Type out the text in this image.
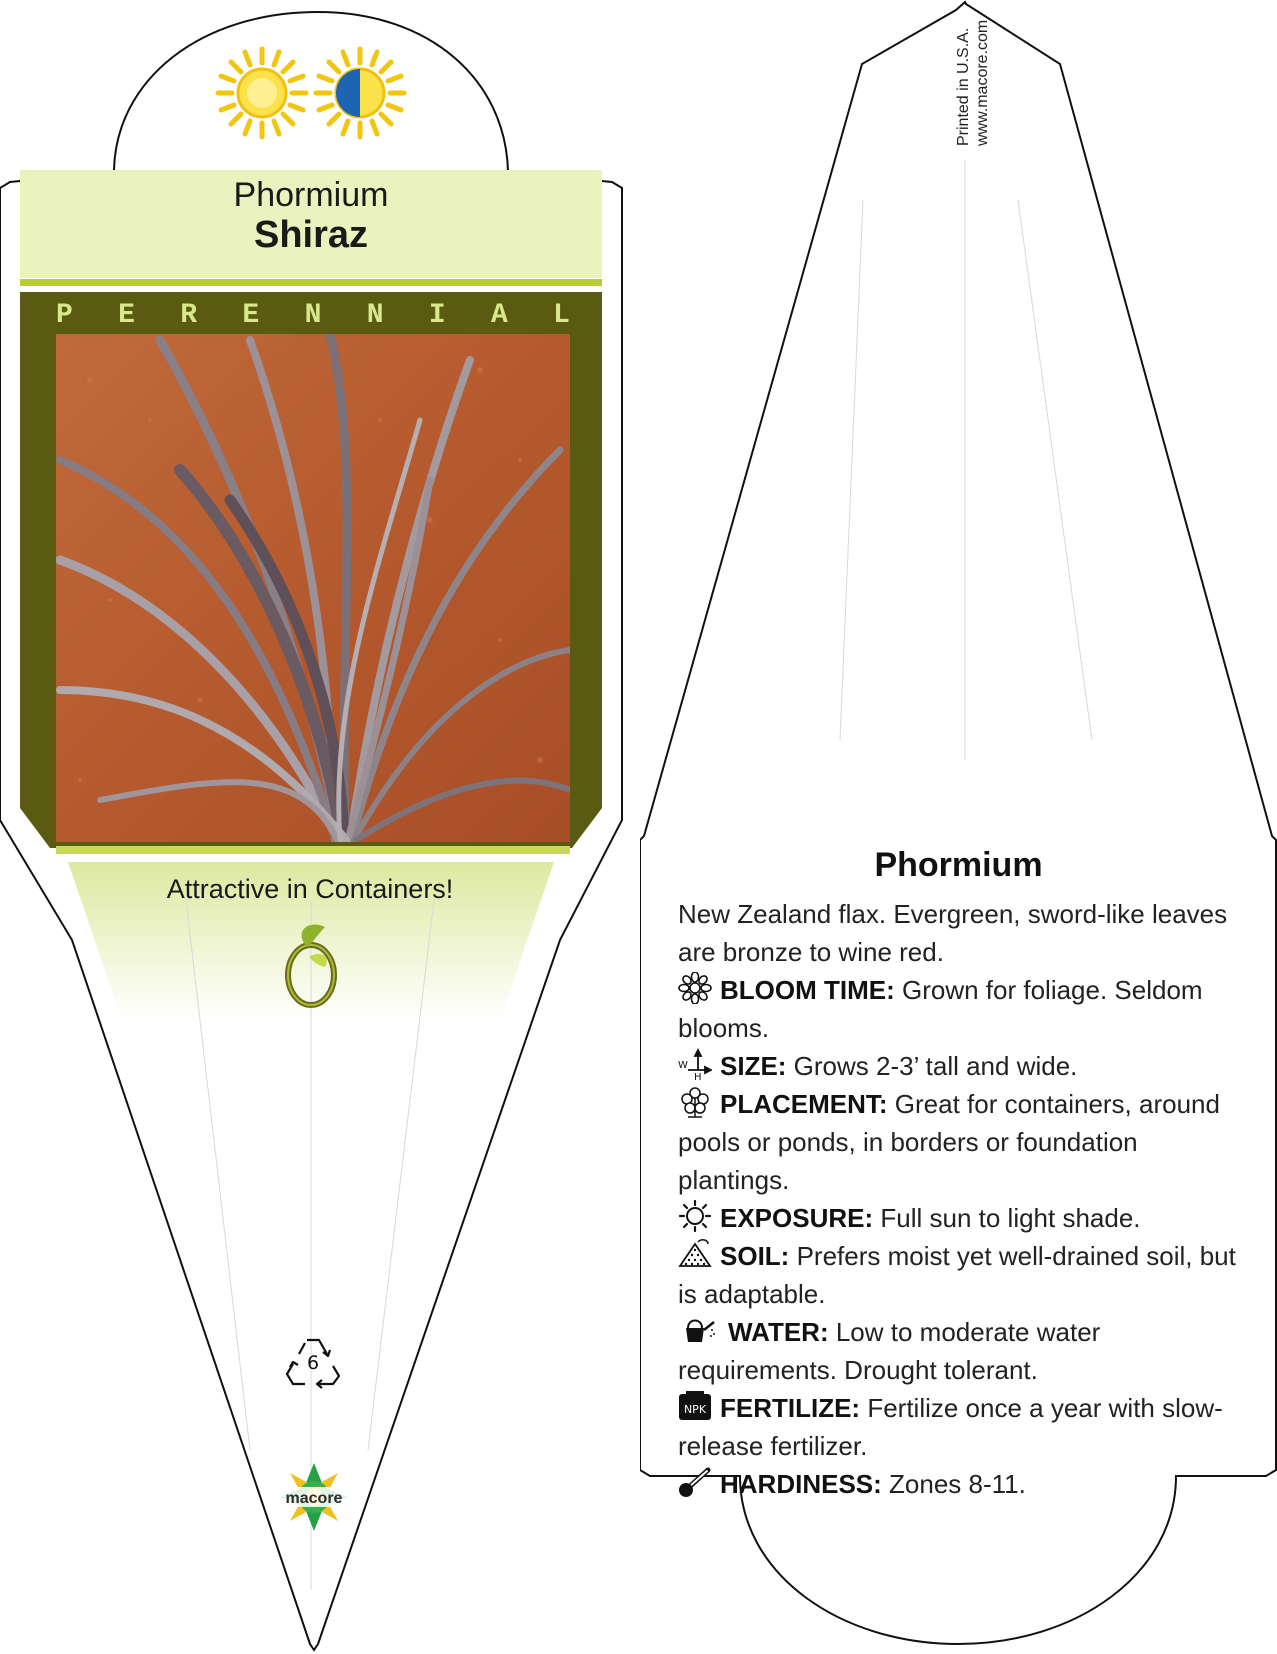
Phormium
Shiraz
P E R E N N I A L
Attractive in Containers!
6
macore
Printed in U.S.A. www.macore.com
Phormium
New Zealand flax. Evergreen, sword-like leaves are bronze to wine red.
BLOOM TIME: Grown for foliage. Seldom blooms.
W
H SIZE: Grows 2-3’ tall and wide.
PLACEMENT: Great for containers, around pools or ponds, in borders or foundation plantings.
EXPOSURE: Full sun to light shade.
SOIL: Prefers moist yet well-drained soil, but is adaptable.
WATER: Low to moderate water requirements. Drought tolerant.
NPK FERTILIZE: Fertilize once a year with slow-release fertilizer.
HARDINESS: Zones 8-11.
